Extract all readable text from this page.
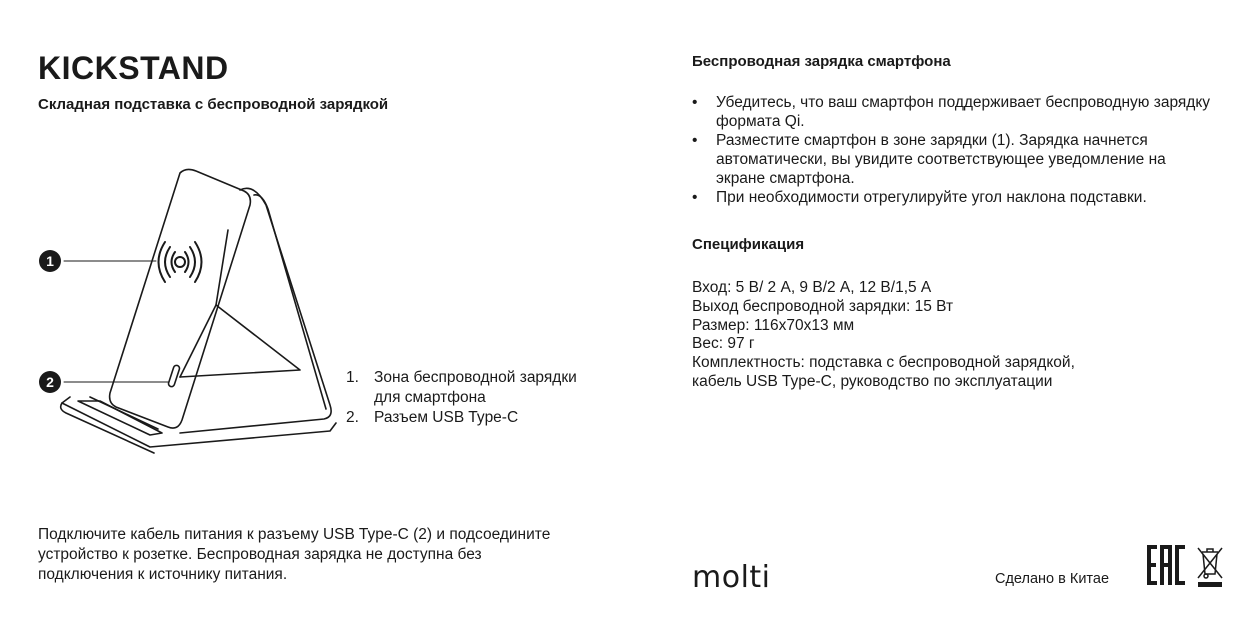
KICKSTAND
Складная подставка с беспроводной зарядкой
1
2	1. Зона беспроводной зарядки для смартфона
2. Разъем USB Type-C

Подключите кабель питания к разъему USB Type-C (2) и подсоедините устройство к розетке. Беспроводная зарядка не доступна без подключения к источнику питания.	molti	Сделано в Китае
Беспроводная зарядка смартфона
•	Убедитесь, что ваш смартфон поддерживает беспроводную зарядку формата Qi.
•	Разместите смартфон в зоне зарядки (1). Зарядка начнется автоматически, вы увидите соответствующее уведомление на экране смартфона.
•	При необходимости отрегулируйте угол наклона подставки.
Спецификация
Вход: 5 В/ 2 А, 9 В/2 А, 12 В/1,5 А
Выход беспроводной зарядки: 15 Вт
Размер: 116x70x13 мм
Вес: 97 г
Комплектность: подставка с беспроводной зарядкой,
кабель USB Type-C, руководство по эксплуатации
